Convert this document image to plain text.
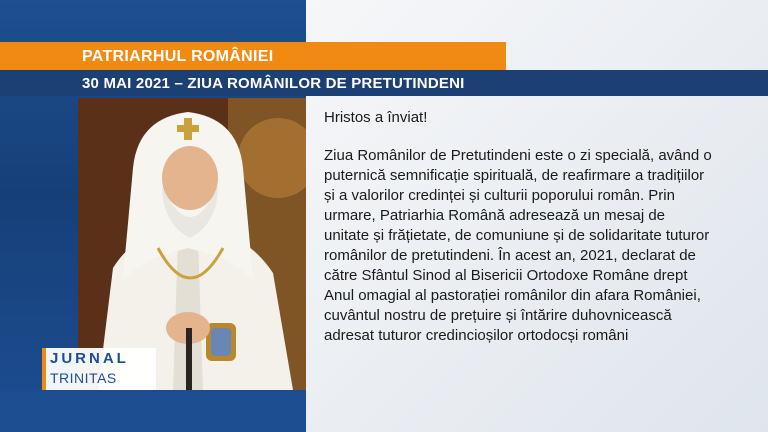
PATRIARHUL ROMÂNIEI
30 MAI 2021 – ZIUA ROMÂNILOR DE PRETUTINDENI
JURNAL
TRINITAS

Hristos a înviat!

Ziua Românilor de Pretutindeni este o zi specială, având o puternică semnificație spirituală, de reafirmare a tradițiilor și a valorilor credinței și culturii poporului român. Prin urmare, Patriarhia Română adresează un mesaj de unitate și frățietate, de comuniune și de solidaritate tuturor românilor de pretutindeni. În acest an, 2021, declarat de către Sfântul Sinod al Bisericii Ortodoxe Române drept Anul omagial al pastorației românilor din afara României, cuvântul nostru de prețuire și întărire duhovnicească adresat tuturor credincioșilor ortodocși români
